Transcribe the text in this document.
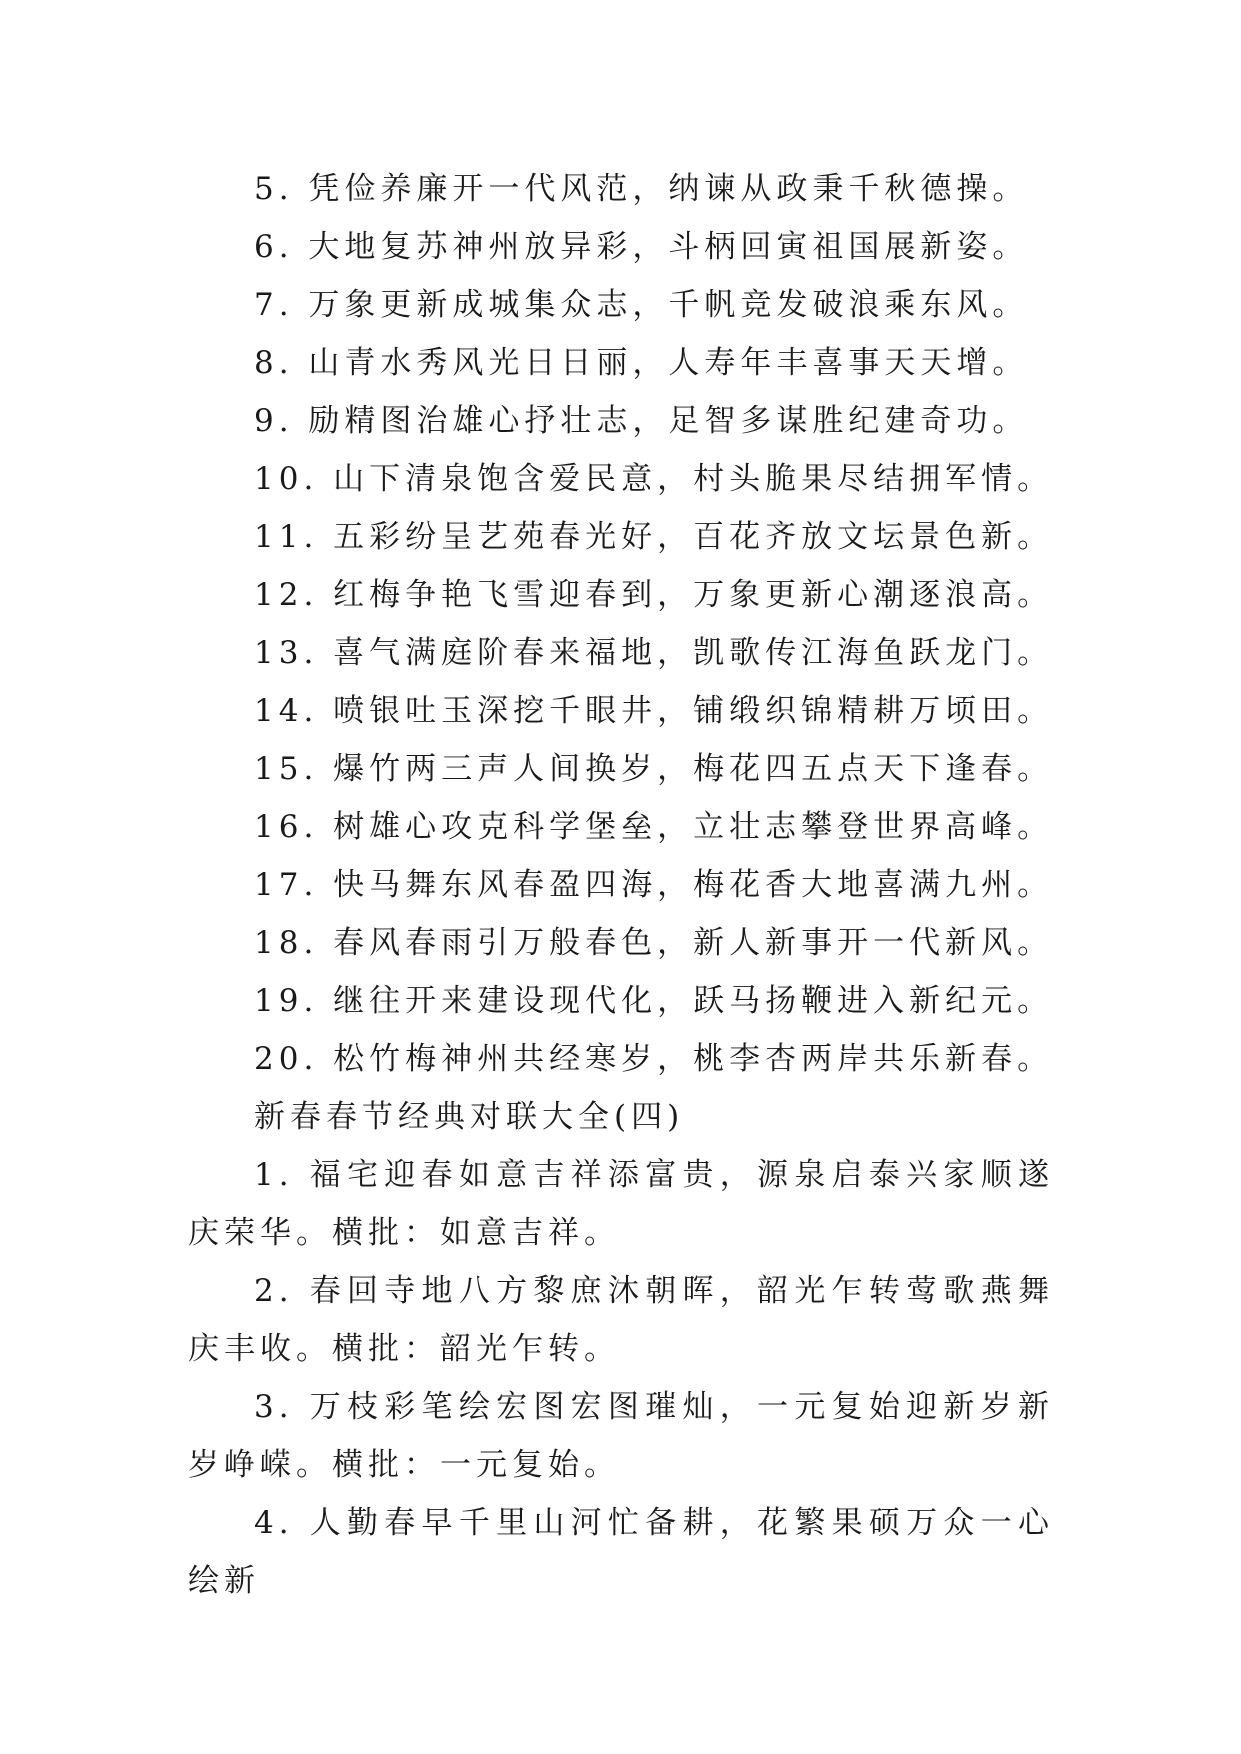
5. 凭俭养廉开一代风范，纳谏从政秉千秋德操。
6. 大地复苏神州放异彩，斗柄回寅祖国展新姿。
7. 万象更新成城集众志，千帆竞发破浪乘东风。
8. 山青水秀风光日日丽，人寿年丰喜事天天增。
9. 励精图治雄心抒壮志，足智多谋胜纪建奇功。
10. 山下清泉饱含爱民意，村头脆果尽结拥军情。
11. 五彩纷呈艺苑春光好，百花齐放文坛景色新。
12. 红梅争艳飞雪迎春到，万象更新心潮逐浪高。
13. 喜气满庭阶春来福地，凯歌传江海鱼跃龙门。
14. 喷银吐玉深挖千眼井，铺缎织锦精耕万顷田。
15. 爆竹两三声人间换岁，梅花四五点天下逢春。
16. 树雄心攻克科学堡垒，立壮志攀登世界高峰。
17. 快马舞东风春盈四海，梅花香大地喜满九州。
18. 春风春雨引万般春色，新人新事开一代新风。
19. 继往开来建设现代化，跃马扬鞭进入新纪元。
20. 松竹梅神州共经寒岁，桃李杏两岸共乐新春。
新春春节经典对联大全(四)

1. 福宅迎春如意吉祥添富贵，源泉启泰兴家顺遂庆荣华。横批：如意吉祥。

2. 春回寺地八方黎庶沐朝晖，韶光乍转莺歌燕舞庆丰收。横批：韶光乍转。

3. 万枝彩笔绘宏图宏图璀灿，一元复始迎新岁新岁峥嵘。横批：一元复始。

4. 人勤春早千里山河忙备耕，花繁果硕万众一心绘新
